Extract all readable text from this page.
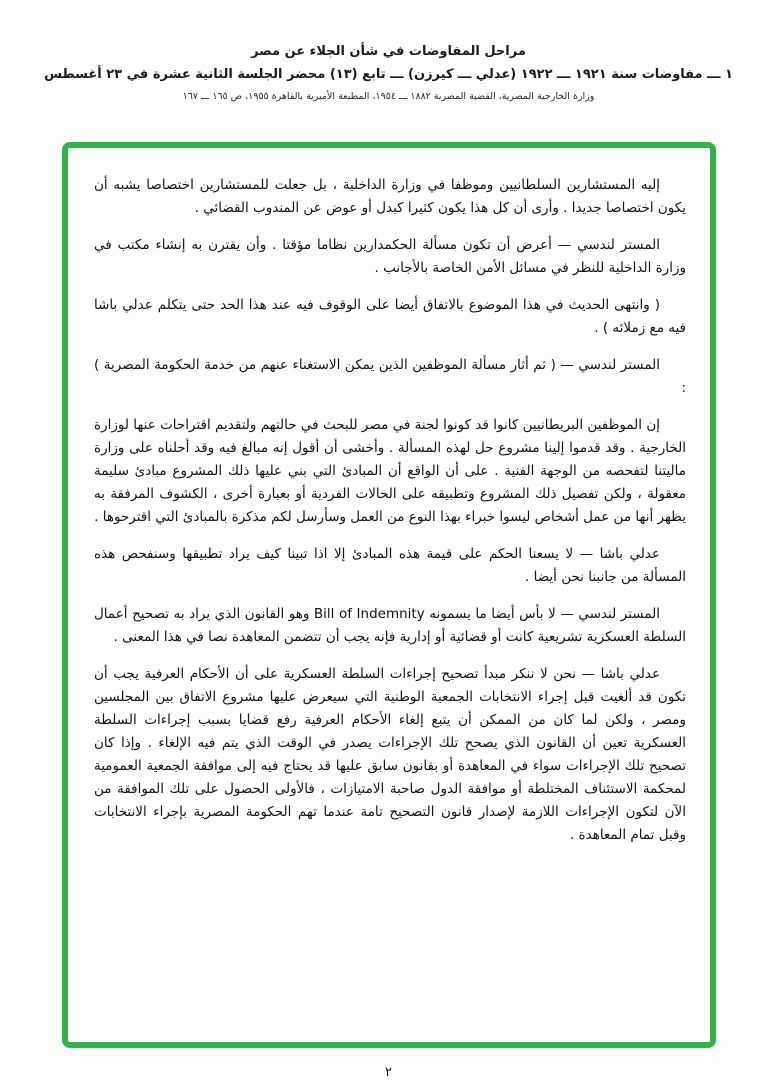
مراحل المفاوضات في شأن الجلاء عن مصر
١ ـــ مفاوضات سنة ١٩٢١ ـــ ١٩٢٢ (عدلي ـــ كيرزن) ـــ تابع (١٣) محضر الجلسة الثانية عشرة في ٢٣ أغسطس
وزارة الخارجية المصرية، القضية المصرية ١٨٨٢ ـــ ١٩٥٤، المطبعة الأميرية بالقاهرة ١٩٥٥، ص ١٦٥ ـــ ١٦٧

إليه المستشارين السلطانيين وموظفا في وزارة الداخلية ، بل جعلت للمستشارين اختصاصا يشبه أن يكون اختصاصا جديدا . وأرى أن كل هذا يكون كثيرا كبدل أو عوض عن المندوب القضائي .

المستر لندسي — أعرض أن تكون مسألة الحكمدارين نظاما مؤقتا . وأن يقترن به إنشاء مكتب في وزارة الداخلية للنظر في مسائل الأمن الخاصة بالأجانب .

( وانتهى الحديث في هذا الموضوع بالاتفاق أيضا على الوقوف فيه عند هذا الحد حتى يتكلم عدلي باشا فيه مع زملائه ) .

المستر لندسي — ( ثم أثار مسألة الموظفين الذين يمكن الاستغناء عنهم من خدمة الحكومة المصرية ) :

إن الموظفين البريطانيين كانوا قد كونوا لجنة في مصر للبحث في حالتهم ولتقديم اقتراحات عنها لوزارة الخارجية . وقد قدموا إلينا مشروع حل لهذه المسألة . وأخشى أن أقول إنه مبالغ فيه وقد أحلناه على وزارة ماليتنا لتفحصه من الوجهة الفنية . على أن الواقع أن المبادئ التي بني عليها ذلك المشروع مبادئ سليمة معقولة ، ولكن تفصيل ذلك المشروع وتطبيقه على الحالات الفردية أو بعبارة أخرى ، الكشوف المرفقة به يظهر أنها من عمل أشخاص ليسوا خبراء بهذا النوع من العمل وسأرسل لكم مذكرة بالمبادئ التي اقترحوها .

عدلي باشا — لا يسعنا الحكم على قيمة هذه المبادئ إلا اذا تبينا كيف يراد تطبيقها وسنفحص هذه المسألة من جانبنا نحن أيضا .

المستر لندسي — لا بأس أيضا ما يسمونه Bill of Indemnity وهو القانون الذي يراد به تصحيح أعمال السلطة العسكرية تشريعية كانت أو قضائية أو إدارية فإنه يجب أن تتضمن المعاهدة نصا في هذا المعنى .

عدلي باشا — نحن لا ننكر مبدأ تصحيح إجراءات السلطة العسكرية على أن الأحكام العرفية يجب أن تكون قد ألغيت قبل إجراء الانتخابات الجمعية الوطنية التي سيعرض عليها مشروع الاتفاق بين المجلسين ومصر ، ولكن لما كان من الممكن أن يتبع إلغاء الأحكام العرفية رفع قضايا بسبب إجراءات السلطة العسكرية تعين أن القانون الذي يصحح تلك الإجراءات يصدر في الوقت الذي يتم فيه الإلغاء . وإذا كان تصحيح تلك الإجراءات سواء في المعاهدة أو بقانون سابق عليها قد يحتاج فيه إلى موافقة الجمعية العمومية لمحكمة الاستئناف المختلطة أو موافقة الدول صاحبة الامتيازات ، فالأولى الحصول على تلك الموافقة من الآن لتكون الإجراءات اللازمة لإصدار قانون التصحيح تامة عندما تهم الحكومة المصرية بإجراء الانتخابات وقبل تمام المعاهدة .

٢
